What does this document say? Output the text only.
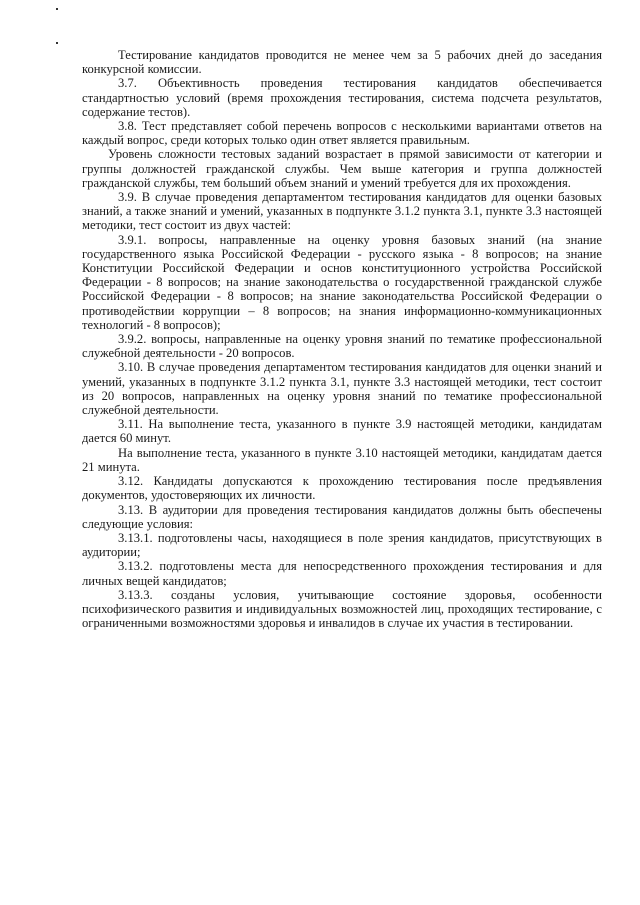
Тестирование кандидатов проводится не менее чем за 5 рабочих дней до заседания конкурсной комиссии.

3.7. Объективность проведения тестирования кандидатов обеспечивается стандартностью условий (время прохождения тестирования, система подсчета результатов, содержание тестов).

3.8. Тест представляет собой перечень вопросов с несколькими вариантами ответов на каждый вопрос, среди которых только один ответ является правильным.

Уровень сложности тестовых заданий возрастает в прямой зависимости от категории и группы должностей гражданской службы. Чем выше категория и группа должностей гражданской службы, тем больший объем знаний и умений требуется для их прохождения.

3.9. В случае проведения департаментом тестирования кандидатов для оценки базовых знаний, а также знаний и умений, указанных в подпункте 3.1.2 пункта 3.1, пункте 3.3 настоящей методики, тест состоит из двух частей:

3.9.1. вопросы, направленные на оценку уровня базовых знаний (на знание государственного языка Российской Федерации - русского языка - 8 вопросов; на знание Конституции Российской Федерации и основ конституционного устройства Российской Федерации - 8 вопросов; на знание законодательства о государственной гражданской службе Российской Федерации - 8 вопросов; на знание законодательства Российской Федерации о противодействии коррупции – 8 вопросов; на знания информационно-коммуникационных технологий - 8 вопросов);

3.9.2. вопросы, направленные на оценку уровня знаний по тематике профессиональной служебной деятельности - 20 вопросов.

3.10. В случае проведения департаментом тестирования кандидатов для оценки знаний и умений, указанных в подпункте 3.1.2 пункта 3.1, пункте 3.3 настоящей методики, тест состоит из 20 вопросов, направленных на оценку уровня знаний по тематике профессиональной служебной деятельности.

3.11. На выполнение теста, указанного в пункте 3.9 настоящей методики, кандидатам дается 60 минут.

На выполнение теста, указанного в пункте 3.10 настоящей методики, кандидатам дается 21 минута.

3.12. Кандидаты допускаются к прохождению тестирования после предъявления документов, удостоверяющих их личности.

3.13. В аудитории для проведения тестирования кандидатов должны быть обеспечены следующие условия:

3.13.1. подготовлены часы, находящиеся в поле зрения кандидатов, присутствующих в аудитории;

3.13.2. подготовлены места для непосредственного прохождения тестирования и для личных вещей кандидатов;

3.13.3. созданы условия, учитывающие состояние здоровья, особенности психофизического развития и индивидуальных возможностей лиц, проходящих тестирование, с ограниченными возможностями здоровья и инвалидов в случае их участия в тестировании.
